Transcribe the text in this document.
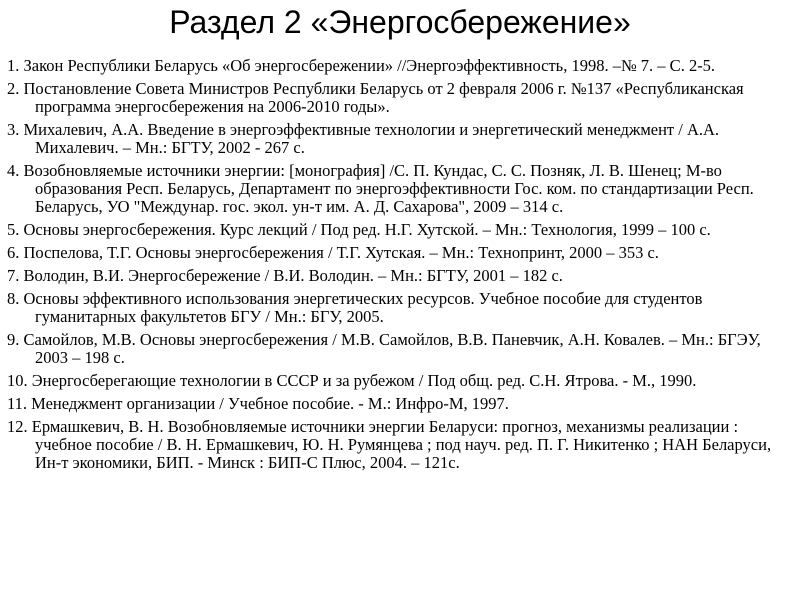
Раздел 2 «Энергосбережение»

1. Закон Республики Беларусь «Об энергосбережении» //Энергоэффективность, 1998. –№ 7. – С. 2-5.

2. Постановление Совета Министров Республики Беларусь от 2 февраля 2006 г. №137 «Республиканская программа энергосбережения на 2006-2010 годы».

3. Михалевич, А.А. Введение в энергоэффективные технологии и энергетический менеджмент / А.А. Михалевич. – Мн.: БГТУ, 2002 - 267 с.

4. Возобновляемые источники энергии: [монография] /С. П. Кундас, С. С. Позняк, Л. В. Шенец; М-во образования Респ. Беларусь, Департамент по энергоэффективности Гос. ком. по стандартизации Респ. Беларусь, УО "Междунар. гос. экол. ун-т им. А. Д. Сахарова", 2009 – 314 с.

5. Основы энергосбережения. Курс лекций / Под ред. Н.Г. Хутской. – Мн.: Технология, 1999 – 100 с.

6. Поспелова, Т.Г. Основы энергосбережения / Т.Г. Хутская. – Мн.: Технопринт, 2000 – 353 с.

7. Володин, В.И. Энергосбережение / В.И. Володин. – Мн.: БГТУ, 2001 – 182 с.

8. Основы эффективного использования энергетических ресурсов. Учебное пособие для студентов гуманитарных факультетов БГУ / Мн.: БГУ, 2005.

9. Самойлов, М.В. Основы энергосбережения / М.В. Самойлов, В.В. Паневчик, А.Н. Ковалев. – Мн.: БГЭУ, 2003 – 198 с.

10. Энергосберегающие технологии в СССР и за рубежом / Под общ. ред. С.Н. Ятрова. - М., 1990.

11. Менеджмент организации / Учебное пособие. - М.: Инфро-М, 1997.

12. Ермашкевич, В. Н. Возобновляемые источники энергии Беларуси: прогноз, механизмы реализации : учебное пособие / В. Н. Ермашкевич, Ю. Н. Румянцева ; под науч. ред. П. Г. Никитенко ; НАН Беларуси, Ин-т экономики, БИП. - Минск : БИП-С Плюс, 2004. – 121с.
